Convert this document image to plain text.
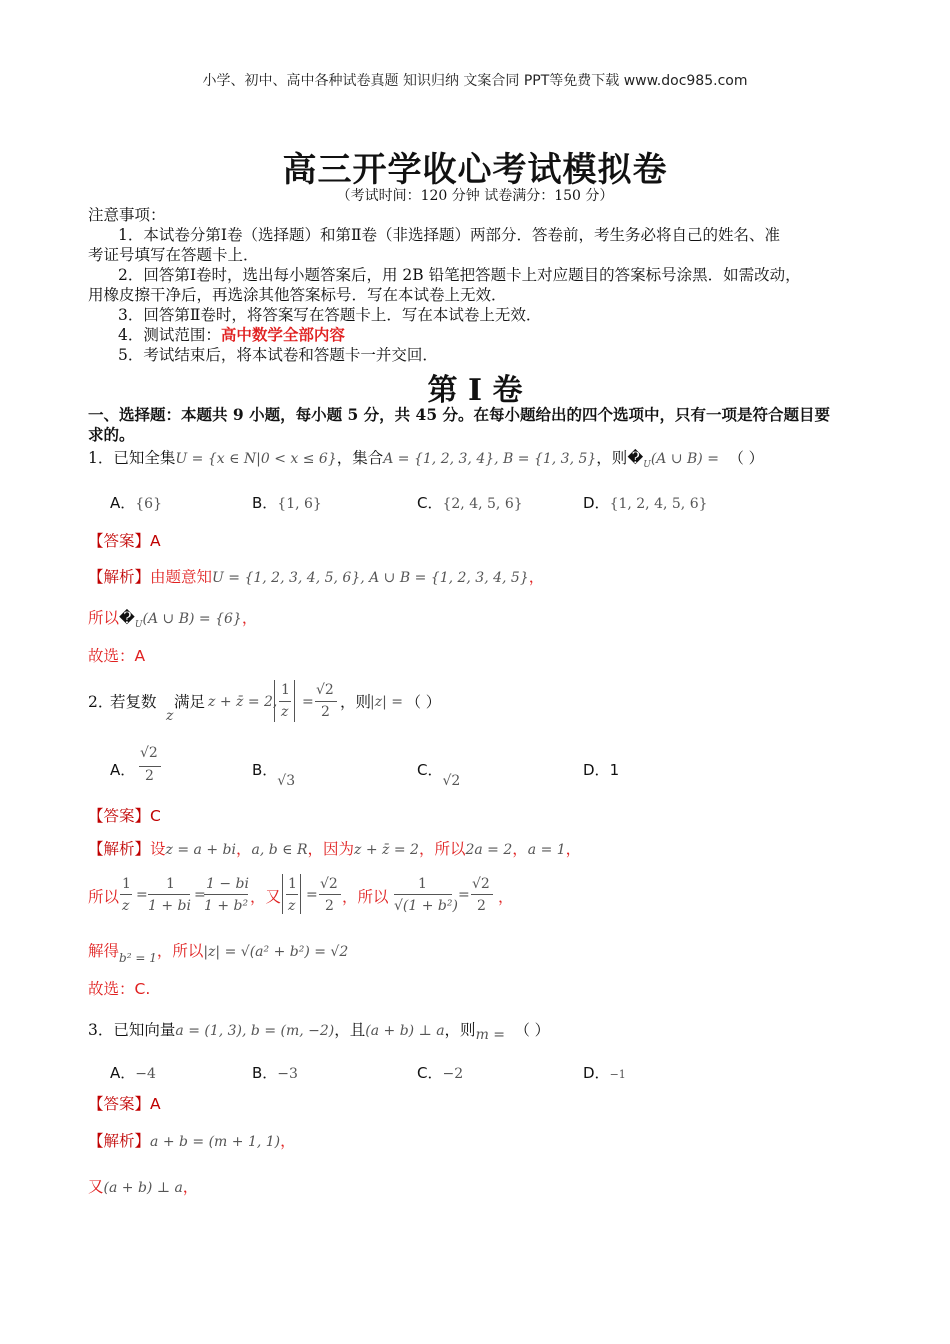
小学、初中、高中各种试卷真题 知识归纳 文案合同 PPT等免费下载 www.doc985.com
高三开学收心考试模拟卷
（考试时间：120 分钟 试卷满分：150 分）
注意事项：
1．本试卷分第Ⅰ卷（选择题）和第Ⅱ卷（非选择题）两部分．答卷前，考生务必将自己的姓名、准
考证号填写在答题卡上．
2．回答第Ⅰ卷时，选出每小题答案后，用 2B 铅笔把答题卡上对应题目的答案标号涂黑．如需改动，
用橡皮擦干净后，再选涂其他答案标号．写在本试卷上无效．
3．回答第Ⅱ卷时，将答案写在答题卡上．写在本试卷上无效．
4．测试范围：高中数学全部内容
5．考试结束后，将本试卷和答题卡一并交回．
第 I 卷
一、选择题：本题共 9 小题，每小题 5 分，共 45 分。在每小题给出的四个选项中，只有一项是符合题目要
求的。
1．已知全集U = {x ∈ N|0 < x ≤ 6}，集合A = {1, 2, 3, 4}, B = {1, 3, 5}，则$�_U(A$ ∪ B) = （ ）
A．{6}	B．{1, 6}	C．{2, 4, 5, 6}	D．{1, 2, 4, 5, 6}
【答案】A
【解析】由题意知U = {1, 2, 3, 4, 5, 6}, A ∪ B = {1, 2, 3, 4, 5}，
所以$�_U(A$ ∪ B) = {6}，
故选：A
2．
若复数
z
满足 z + z̄ = 2,
1
z
=
√2
2
，则
|z| = （ ）
A．
√2
2	B．√3
C．√2
D．1
【答案】C
【解析】设z = a + bi，a, b ∈ R，因为z + z̄ = 2，所以2a = 2，a = 1，
所以
1
z
=
1
1 + bi
=
1 − bi
1 + b² ，又
1
z
=
√2
2 ，所以
1
√(1 + b²)
=
√2
2 ，
解得$_{b^2 = 1}$，所以|z| = √(a² + b²) = √2
故选：C.
3．已知向量a = (1, 3), b = (m, −2)，且(a + b) ⊥ a，则m = （ ）
A．−4	B．−3	C．−2	D．−1
【答案】A
【解析】a + b = (m + 1, 1)，
又(a + b) ⊥ a，
